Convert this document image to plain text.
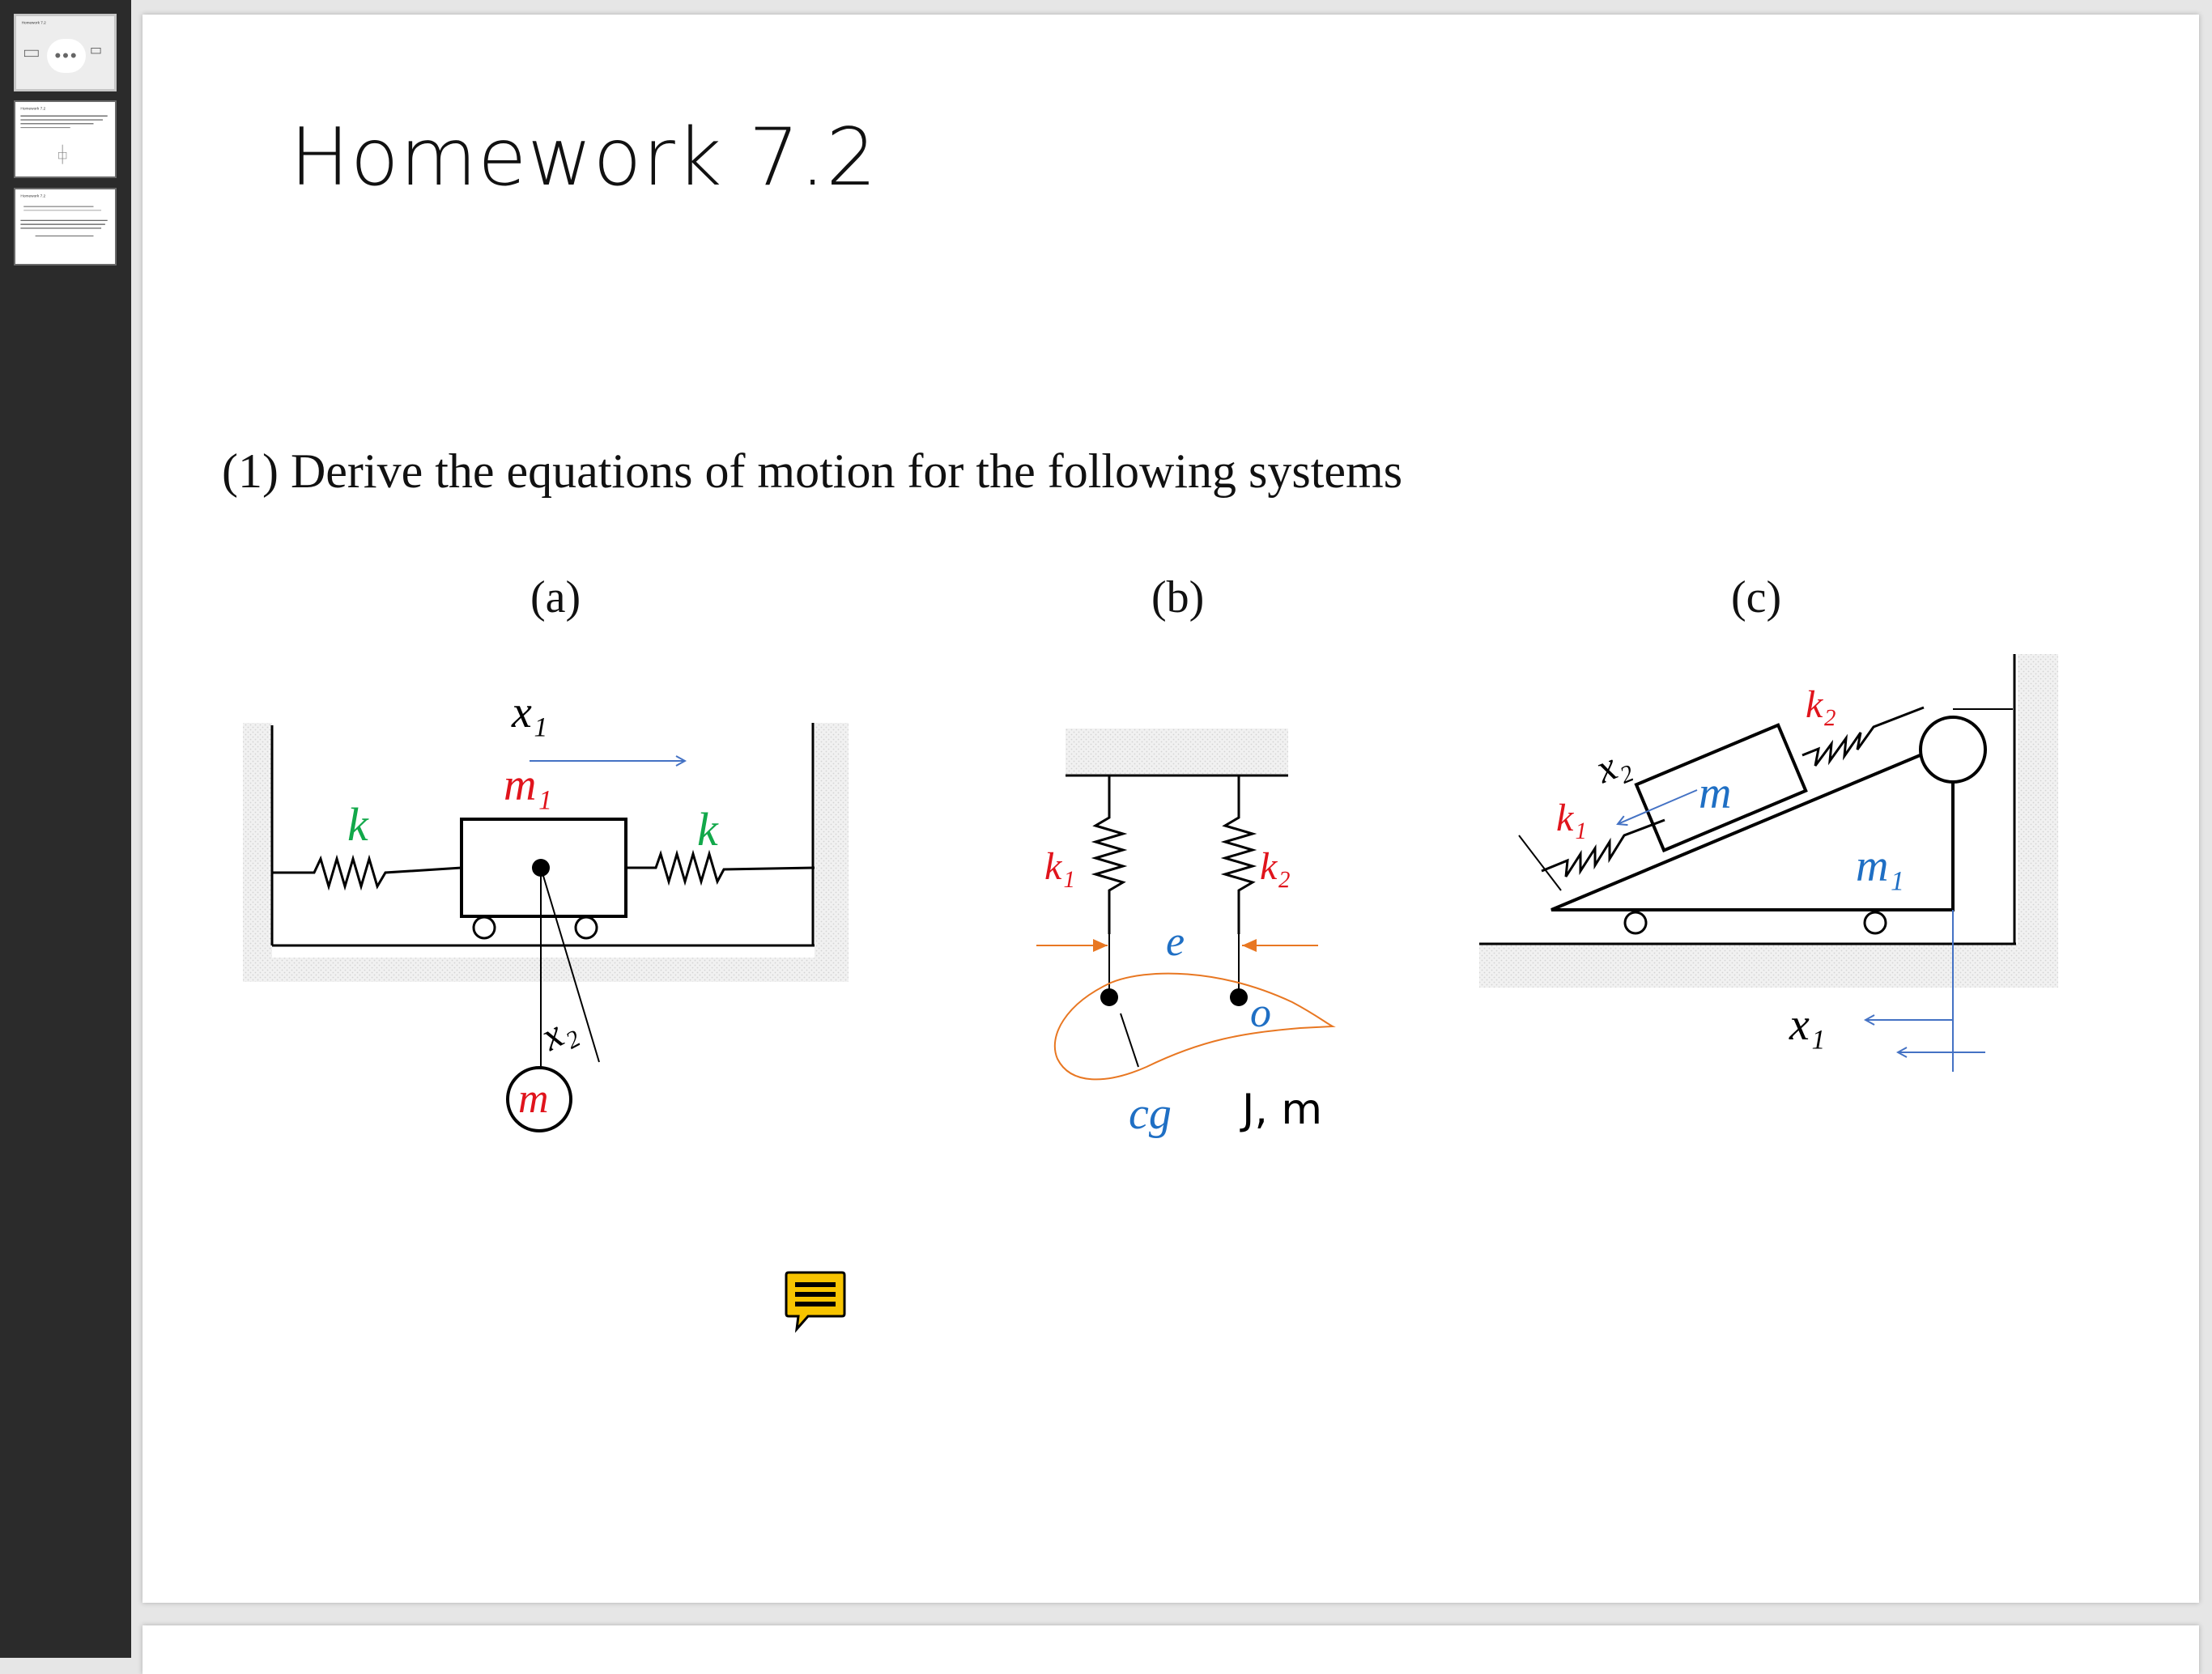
Homework 7.2
•••
Homework 7.2
Homework 7.2	Homework 7.2
(1) Derive the equations of motion for the following systems
(a)	(b)	(c)
x₁
m₁
k	k
x₂
m
k₁	k₂
e
o
cg J, m
k₂
x₂
k₁ m
m₁
x₁
